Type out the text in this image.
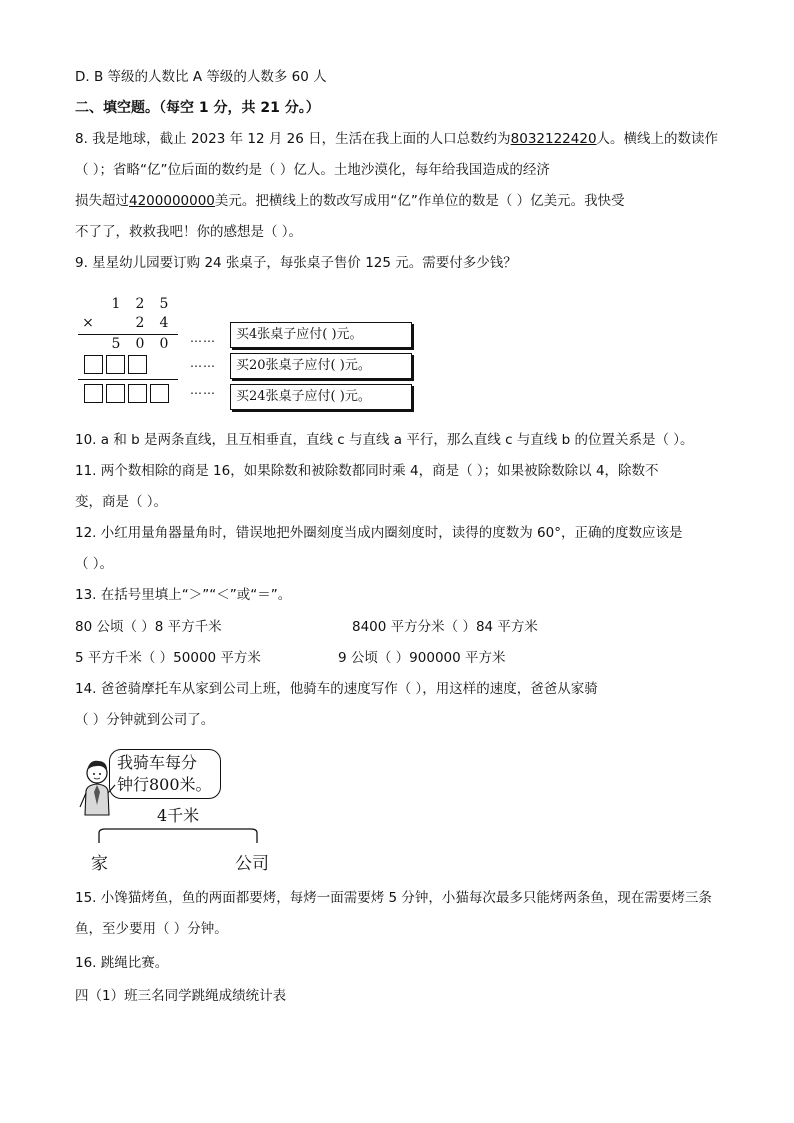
D. B 等级的人数比 A 等级的人数多 60 人
二、填空题。（每空 1 分，共 21 分。）
8. 我是地球，截止 2023 年 12 月 26 日，生活在我上面的人口总数约为8032122420人。横线上的数读作
（ ）；省略“亿”位后面的数约是（ ）亿人。土地沙漠化，每年给我国造成的经济
损失超过4200000000美元。把横线上的数改写成用“亿”作单位的数是（ ）亿美元。我快受
不了了，救救我吧！你的感想是（ ）。
9. 星星幼儿园要订购 24 张桌子，每张桌子售价 125 元。需要付多少钱？
1 2 5
×	2 4
5 0 0 ……
……
……
买4张桌子应付( )元。
买20张桌子应付( )元。
买24张桌子应付( )元。
10. a 和 b 是两条直线，且互相垂直，直线 c 与直线 a 平行，那么直线 c 与直线 b 的位置关系是（ ）。
11. 两个数相除的商是 16，如果除数和被除数都同时乘 4，商是（ ）；如果被除数除以 4，除数不
变，商是（ ）。
12. 小红用量角器量角时，错误地把外圈刻度当成内圈刻度时，读得的度数为 60°，正确的度数应该是
（ ）。
13. 在括号里填上“＞”“＜”或“＝”。
80 公顷（ ）8 平方千米	8400 平方分米（ ）84 平方米
5 平方千米（ ）50000 平方米	9 公顷（ ）900000 平方米
14. 爸爸骑摩托车从家到公司上班，他骑车的速度写作（ ），用这样的速度，爸爸从家骑
（ ）分钟就到公司了。
我骑车每分
钟行800米。
4千米
家	公司
15. 小馋猫烤鱼，鱼的两面都要烤，每烤一面需要烤 5 分钟，小猫每次最多只能烤两条鱼，现在需要烤三条
鱼，至少要用（ ）分钟。
16. 跳绳比赛。
四（1）班三名同学跳绳成绩统计表
